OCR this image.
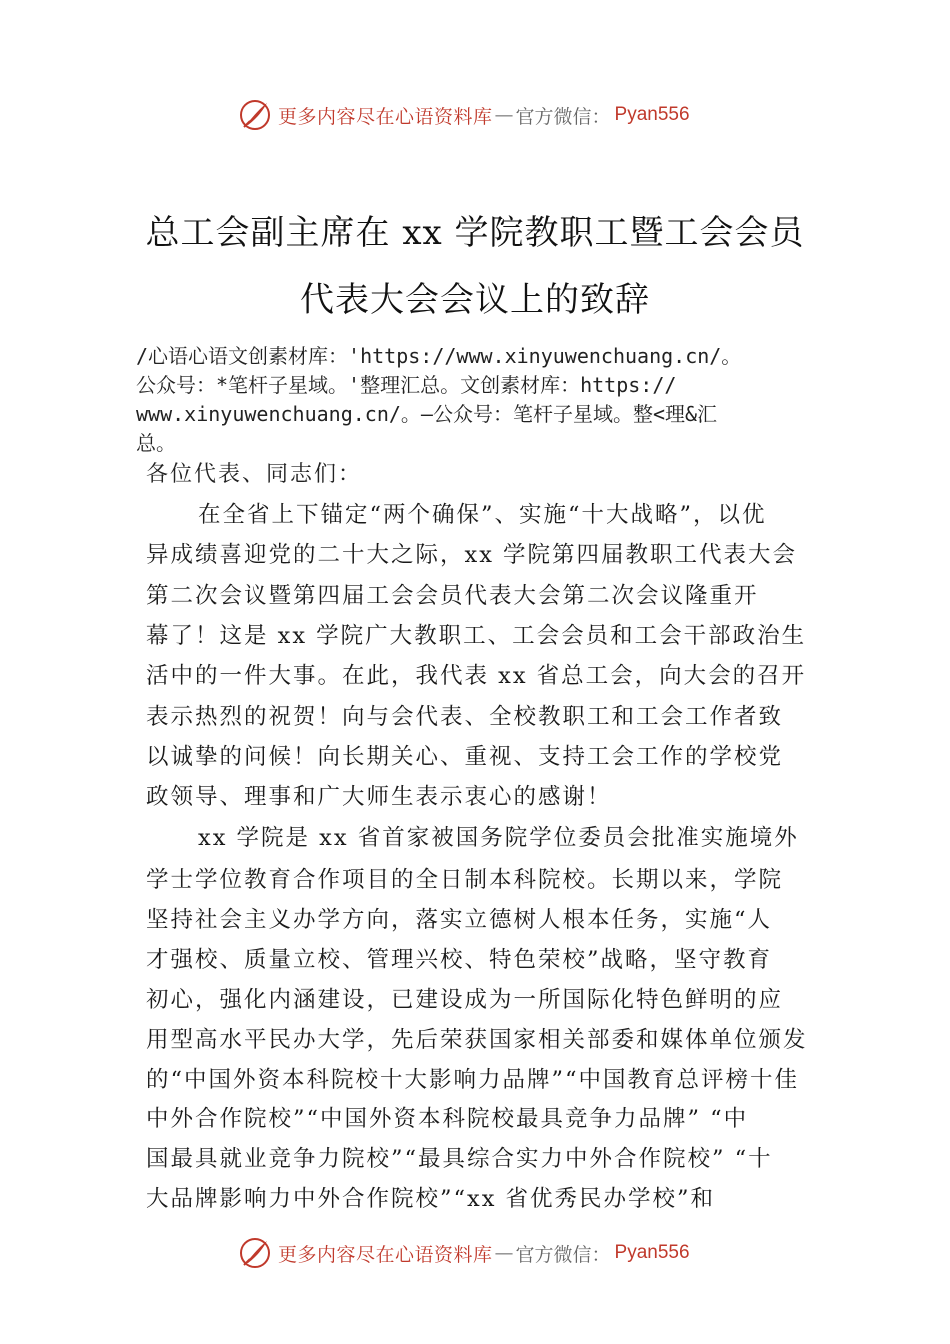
更多内容尽在心语资料库 — 官方微信： Pyan556
总工会副主席在 xx 学院教职工暨工会会员
代表大会会议上的致辞
/心语心语文创素材库：'https://www.xinyuwenchuang.cn/。
公众号：*笔杆子星域。'整理汇总。文创素材库：https://
www.xinyuwenchuang.cn/。—公众号：笔杆子星域。整<理&汇
总。
各位代表、同志们：
在全省上下锚定“两个确保”、实施“十大战略”，以优
异成绩喜迎党的二十大之际，xx 学院第四届教职工代表大会
第二次会议暨第四届工会会员代表大会第二次会议隆重开
幕了！这是 xx 学院广大教职工、工会会员和工会干部政治生
活中的一件大事。在此，我代表 xx 省总工会，向大会的召开
表示热烈的祝贺！向与会代表、全校教职工和工会工作者致
以诚挚的问候！向长期关心、重视、支持工会工作的学校党
政领导、理事和广大师生表示衷心的感谢！
xx 学院是 xx 省首家被国务院学位委员会批准实施境外
学士学位教育合作项目的全日制本科院校。长期以来，学院
坚持社会主义办学方向，落实立德树人根本任务，实施“人
才强校、质量立校、管理兴校、特色荣校”战略，坚守教育
初心，强化内涵建设，已建设成为一所国际化特色鲜明的应
用型高水平民办大学，先后荣获国家相关部委和媒体单位颁发
的“中国外资本科院校十大影响力品牌”“中国教育总评榜十佳
中外合作院校”“中国外资本科院校最具竞争力品牌” “中
国最具就业竞争力院校”“最具综合实力中外合作院校” “十
大品牌影响力中外合作院校”“xx 省优秀民办学校”和
更多内容尽在心语资料库 — 官方微信： Pyan556
